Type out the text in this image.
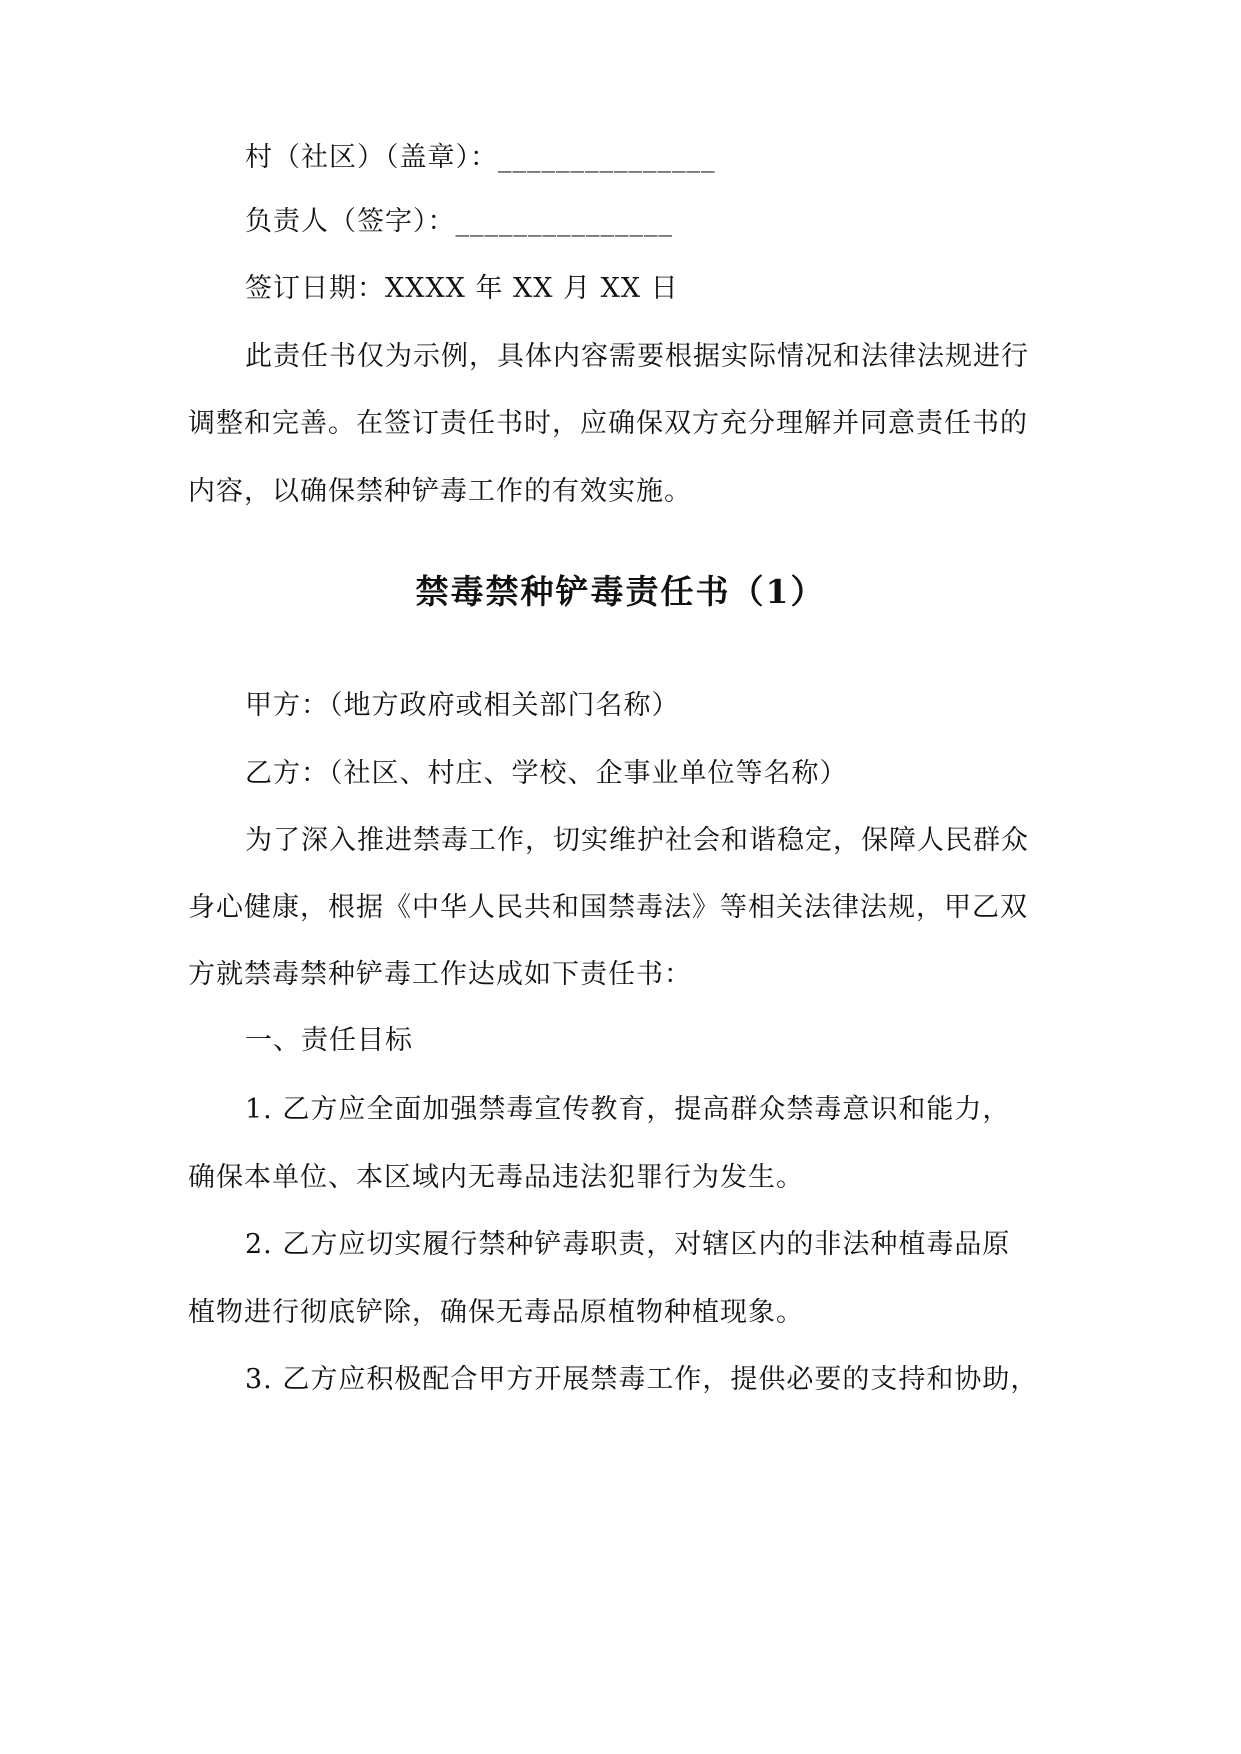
村（社区）（盖章）：_______________
负责人（签字）：_______________
签订日期：XXXX 年 XX 月 XX 日
此责任书仅为示例，具体内容需要根据实际情况和法律法规进行
调整和完善。在签订责任书时，应确保双方充分理解并同意责任书的
内容，以确保禁种铲毒工作的有效实施。
禁毒禁种铲毒责任书（1）
甲方：（地方政府或相关部门名称）
乙方：（社区、村庄、学校、企事业单位等名称）
为了深入推进禁毒工作，切实维护社会和谐稳定，保障人民群众
身心健康，根据《中华人民共和国禁毒法》等相关法律法规，甲乙双
方就禁毒禁种铲毒工作达成如下责任书：
一、责任目标
1. 乙方应全面加强禁毒宣传教育，提高群众禁毒意识和能力，
确保本单位、本区域内无毒品违法犯罪行为发生。
2. 乙方应切实履行禁种铲毒职责，对辖区内的非法种植毒品原
植物进行彻底铲除，确保无毒品原植物种植现象。
3. 乙方应积极配合甲方开展禁毒工作，提供必要的支持和协助，
